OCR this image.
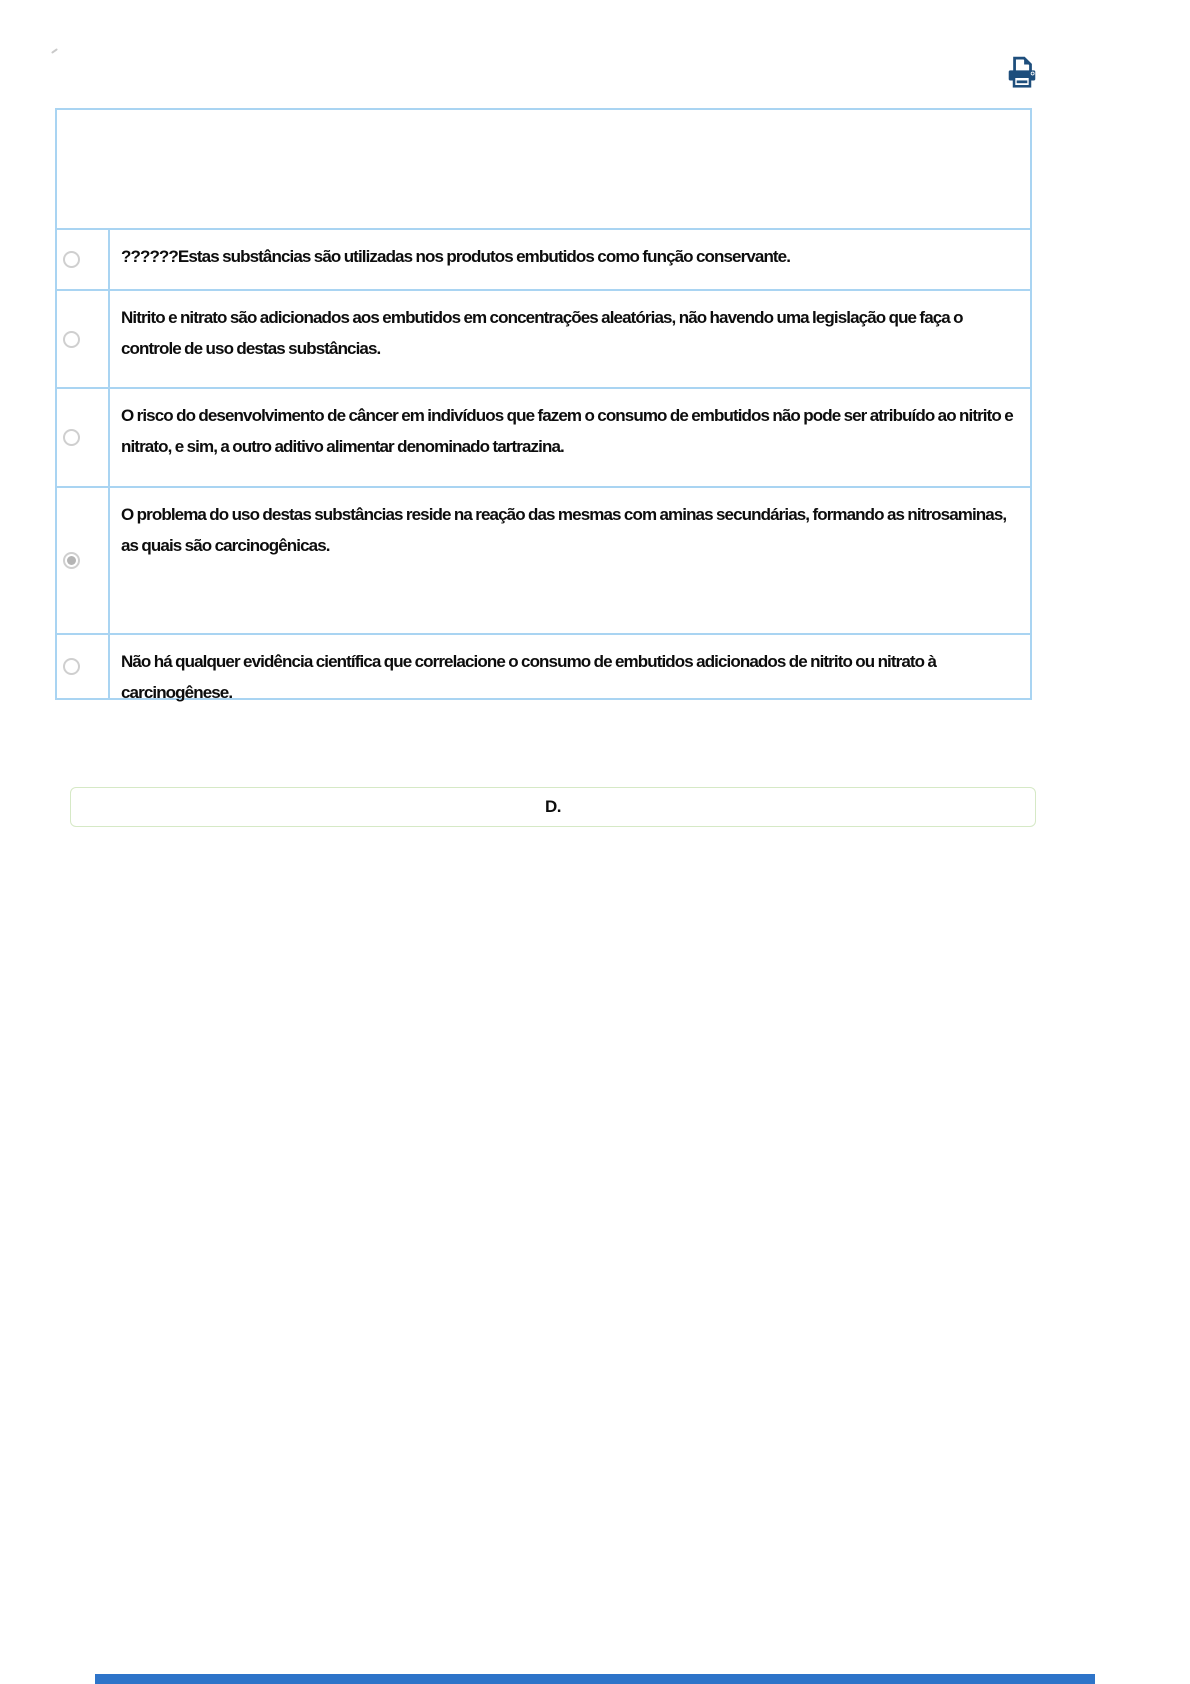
??????Estas substâncias são utilizadas nos produtos embutidos como função conservante.
Nitrito e nitrato são adicionados aos embutidos em concentrações aleatórias, não havendo uma legislação que faça o controle de uso destas substâncias.
O risco do desenvolvimento de câncer em indivíduos que fazem o consumo de embutidos não pode ser atribuído ao nitrito e nitrato, e sim, a outro aditivo alimentar denominado tartrazina.
O problema do uso destas substâncias reside na reação das mesmas com aminas secundárias, formando as nitrosaminas, as quais são carcinogênicas.
Não há qualquer evidência científica que correlacione o consumo de embutidos adicionados de nitrito ou nitrato à carcinogênese.
D.
